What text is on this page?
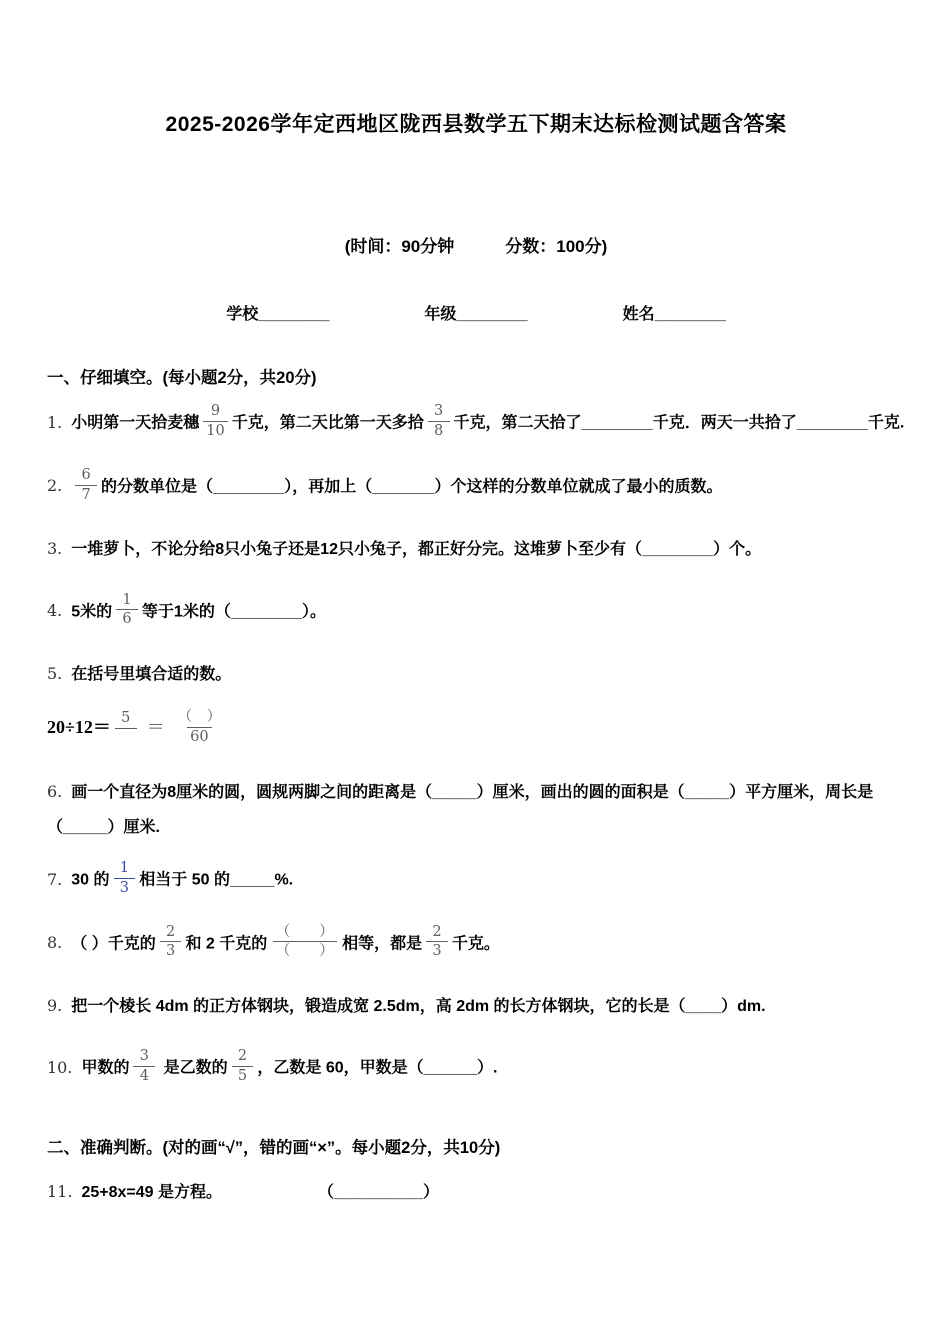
2025-2026学年定西地区陇西县数学五下期末达标检测试题含答案
(时间：90分钟　　　分数：100分)
学校________	年级________	姓名________
一、仔细填空。(每小题2分，共20分)
1. 小明第一天拾麦穗 $\frac{9}{10}$ 千克，第二天比第一天多拾 $\frac{3}{8}$ 千克，第二天拾了________千克．两天一共拾了________千克.
2. $\frac{6}{7}$ 的分数单位是（________），再加上（_______）个这样的分数单位就成了最小的质数。
3. 一堆萝卜，不论分给8只小兔子还是12只小兔子，都正好分完。这堆萝卜至少有（________）个。
4. 5米的 $\frac{1}{6}$ 等于1米的（________）。
5. 在括号里填合适的数。
$20\div 12= 5 = \frac{( )}{60}$
6. 画一个直径为8厘米的圆，圆规两脚之间的距离是（_____）厘米，画出的圆的面积是（_____）平方厘米，周长是（_____）厘米.
7. 30 的 $\frac{1}{3}$ 相当于 50 的_____%.
8. （ ）千克的 $\frac{2}{3}$ 和 2 千克的 $\frac{( )}{( )}$ 相等，都是 $\frac{2}{3}$ 千克。
9. 把一个棱长 4dm 的正方体钢块，锻造成宽 2.5dm，高 2dm 的长方体钢块，它的长是（____）dm.
10. 甲数的 $\frac{3}{4}$ 是乙数的 $\frac{2}{5}$ ，乙数是 60，甲数是（______）.
二、准确判断。(对的画“√”，错的画“×”。每小题2分，共10分)
11. 25+8x=49 是方程。　　　　　　　	（__________）
